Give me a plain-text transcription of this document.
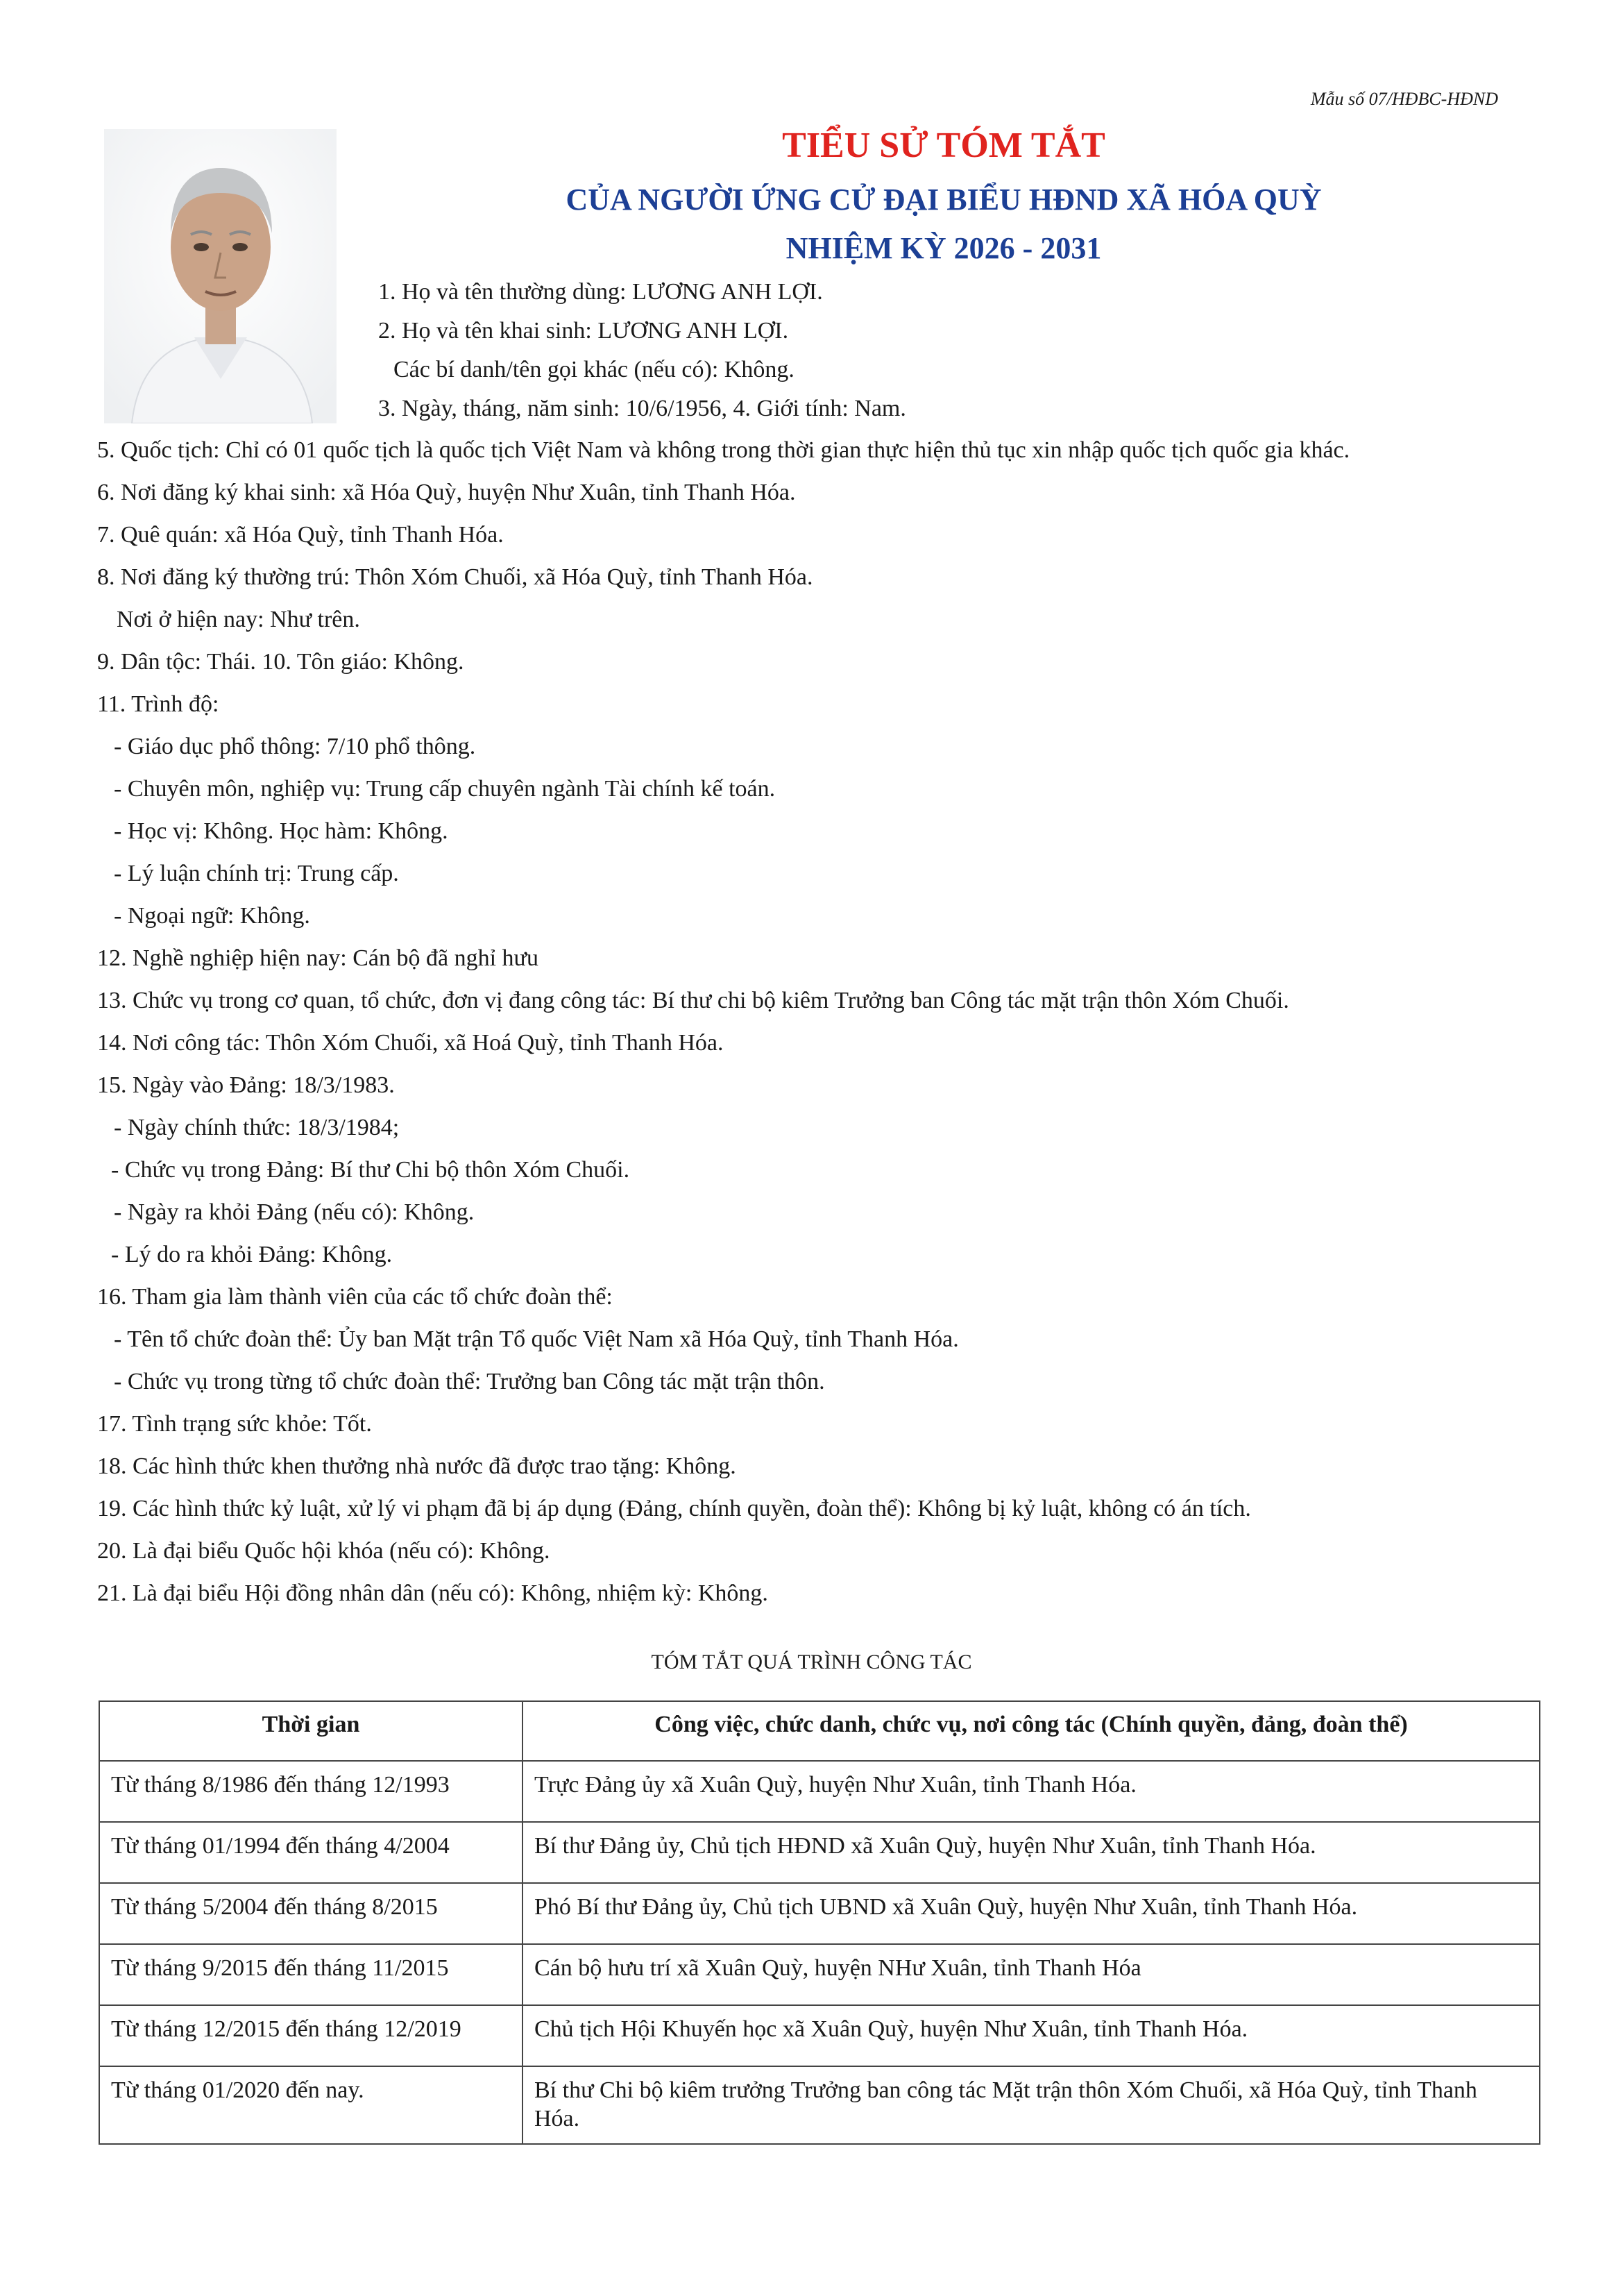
Mẫu số 07/HĐBC-HĐND
TIỂU SỬ TÓM TẮT
CỦA NGƯỜI ỨNG CỬ ĐẠI BIỂU HĐND XÃ HÓA QUỲ
NHIỆM KỲ 2026 - 2031
1. Họ và tên thường dùng: LƯƠNG ANH LỢI.
2. Họ và tên khai sinh: LƯƠNG ANH LỢI.
Các bí danh/tên gọi khác (nếu có): Không.
3. Ngày, tháng, năm sinh: 10/6/1956, 4. Giới tính: Nam.
5. Quốc tịch: Chỉ có 01 quốc tịch là quốc tịch Việt Nam và không trong thời gian thực hiện thủ tục xin nhập quốc tịch quốc gia khác.
6. Nơi đăng ký khai sinh: xã Hóa Quỳ, huyện Như Xuân, tỉnh Thanh Hóa.
7. Quê quán: xã Hóa Quỳ, tỉnh Thanh Hóa.
8. Nơi đăng ký thường trú: Thôn Xóm Chuối, xã Hóa Quỳ, tỉnh Thanh Hóa.
Nơi ở hiện nay: Như trên.
9. Dân tộc: Thái. 10. Tôn giáo: Không.
11. Trình độ:
- Giáo dục phổ thông: 7/10 phổ thông.
- Chuyên môn, nghiệp vụ: Trung cấp chuyên ngành Tài chính kế toán.
- Học vị: Không. Học hàm: Không.
- Lý luận chính trị: Trung cấp.
- Ngoại ngữ: Không.
12. Nghề nghiệp hiện nay: Cán bộ đã nghỉ hưu
13. Chức vụ trong cơ quan, tổ chức, đơn vị đang công tác: Bí thư chi bộ kiêm Trưởng ban Công tác mặt trận thôn Xóm Chuối.
14. Nơi công tác: Thôn Xóm Chuối, xã Hoá Quỳ, tỉnh Thanh Hóa.
15. Ngày vào Đảng: 18/3/1983.
- Ngày chính thức: 18/3/1984;
- Chức vụ trong Đảng: Bí thư Chi bộ thôn Xóm Chuối.
- Ngày ra khỏi Đảng (nếu có): Không.
- Lý do ra khỏi Đảng: Không.
16. Tham gia làm thành viên của các tổ chức đoàn thể:
- Tên tổ chức đoàn thể: Ủy ban Mặt trận Tổ quốc Việt Nam xã Hóa Quỳ, tỉnh Thanh Hóa.
- Chức vụ trong từng tổ chức đoàn thể: Trưởng ban Công tác mặt trận thôn.
17. Tình trạng sức khỏe: Tốt.
18. Các hình thức khen thưởng nhà nước đã được trao tặng: Không.
19. Các hình thức kỷ luật, xử lý vi phạm đã bị áp dụng (Đảng, chính quyền, đoàn thể): Không bị kỷ luật, không có án tích.
20. Là đại biểu Quốc hội khóa (nếu có): Không.
21. Là đại biểu Hội đồng nhân dân (nếu có): Không, nhiệm kỳ: Không.
TÓM TẮT QUÁ TRÌNH CÔNG TÁC
Thời gian	Công việc, chức danh, chức vụ, nơi công tác (Chính quyền, đảng, đoàn thể)
Từ tháng 8/1986 đến tháng 12/1993	Trực Đảng ủy xã Xuân Quỳ, huyện Như Xuân, tỉnh Thanh Hóa.
Từ tháng 01/1994 đến tháng 4/2004	Bí thư Đảng ủy, Chủ tịch HĐND xã Xuân Quỳ, huyện Như Xuân, tỉnh Thanh Hóa.
Từ tháng 5/2004 đến tháng 8/2015	Phó Bí thư Đảng ủy, Chủ tịch UBND xã Xuân Quỳ, huyện Như Xuân, tỉnh Thanh Hóa.
Từ tháng 9/2015 đến tháng 11/2015	Cán bộ hưu trí xã Xuân Quỳ, huyện NHư Xuân, tỉnh Thanh Hóa
Từ tháng 12/2015 đến tháng 12/2019	Chủ tịch Hội Khuyến học xã Xuân Quỳ, huyện Như Xuân, tỉnh Thanh Hóa.
Từ tháng 01/2020 đến nay.	Bí thư Chi bộ kiêm trưởng Trưởng ban công tác Mặt trận thôn Xóm Chuối, xã Hóa Quỳ, tỉnh Thanh Hóa.
